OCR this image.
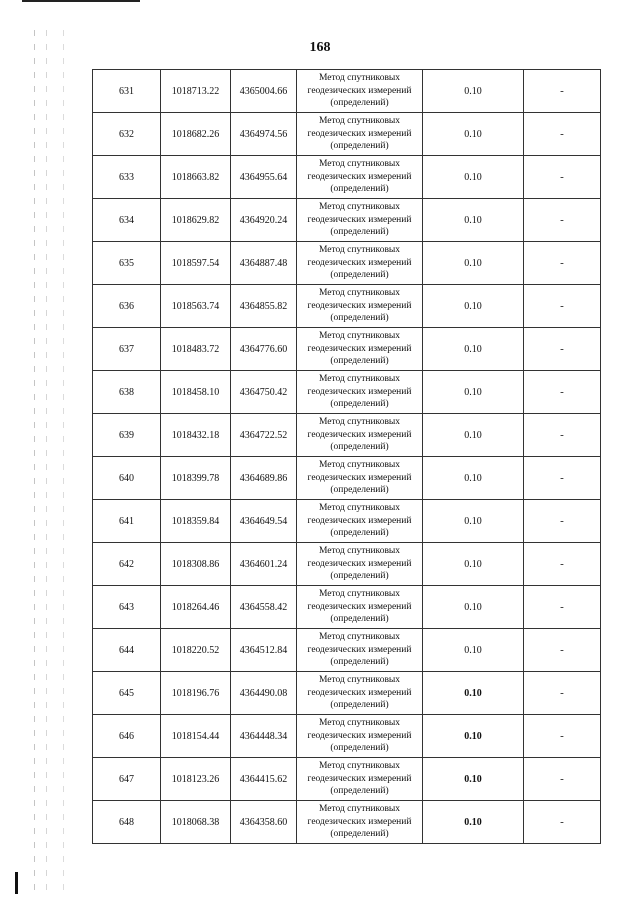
168
631	1018713.22	4365004.66	Метод спутниковых
геодезических измерений
(определений)	0.10	-
632	1018682.26	4364974.56	Метод спутниковых
геодезических измерений
(определений)	0.10	-
633	1018663.82	4364955.64	Метод спутниковых
геодезических измерений
(определений)	0.10	-
634	1018629.82	4364920.24	Метод спутниковых
геодезических измерений
(определений)	0.10	-
635	1018597.54	4364887.48	Метод спутниковых
геодезических измерений
(определений)	0.10	-
636	1018563.74	4364855.82	Метод спутниковых
геодезических измерений
(определений)	0.10	-
637	1018483.72	4364776.60	Метод спутниковых
геодезических измерений
(определений)	0.10	-
638	1018458.10	4364750.42	Метод спутниковых
геодезических измерений
(определений)	0.10	-
639	1018432.18	4364722.52	Метод спутниковых
геодезических измерений
(определений)	0.10	-
640	1018399.78	4364689.86	Метод спутниковых
геодезических измерений
(определений)	0.10	-
641	1018359.84	4364649.54	Метод спутниковых
геодезических измерений
(определений)	0.10	-
642	1018308.86	4364601.24	Метод спутниковых
геодезических измерений
(определений)	0.10	-
643	1018264.46	4364558.42	Метод спутниковых
геодезических измерений
(определений)	0.10	-
644	1018220.52	4364512.84	Метод спутниковых
геодезических измерений
(определений)	0.10	-
645	1018196.76	4364490.08	Метод спутниковых
геодезических измерений
(определений)	0.10	-
646	1018154.44	4364448.34	Метод спутниковых
геодезических измерений
(определений)	0.10	-
647	1018123.26	4364415.62	Метод спутниковых
геодезических измерений
(определений)	0.10	-
648	1018068.38	4364358.60	Метод спутниковых
геодезических измерений
(определений)	0.10	-
